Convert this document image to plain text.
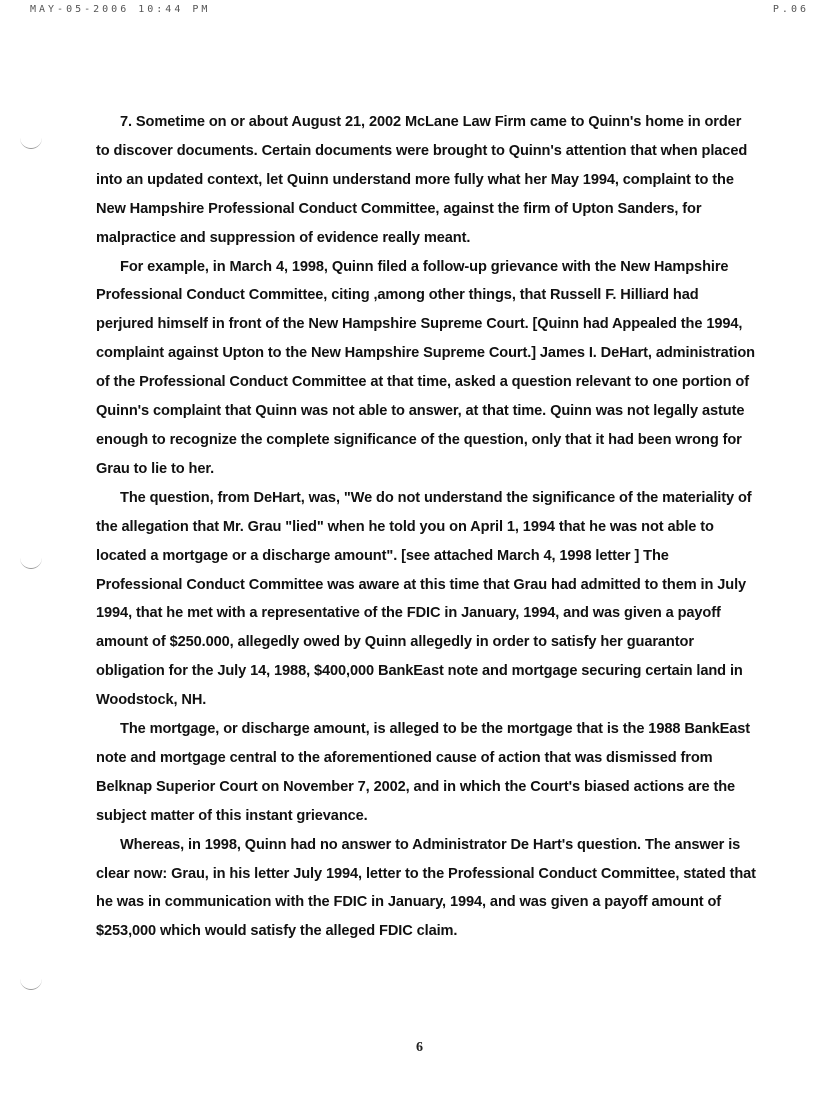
MAY-05-2006 10:44 PM	P.06

7. Sometime on or about August 21, 2002 McLane Law Firm came to Quinn's home in order to discover documents. Certain documents were brought to Quinn's attention that when placed into an updated context, let Quinn understand more fully what her May 1994, complaint to the New Hampshire Professional Conduct Committee, against the firm of Upton Sanders, for malpractice and suppression of evidence really meant.

For example, in March 4, 1998, Quinn filed a follow-up grievance with the New Hampshire Professional Conduct Committee, citing ,among other things, that Russell F. Hilliard had perjured himself in front of the New Hampshire Supreme Court. [Quinn had Appealed the 1994, complaint against Upton to the New Hampshire Supreme Court.] James I. DeHart, administration of the Professional Conduct Committee at that time, asked a question relevant to one portion of Quinn's complaint that Quinn was not able to answer, at that time. Quinn was not legally astute enough to recognize the complete significance of the question, only that it had been wrong for Grau to lie to her.

The question, from DeHart, was, "We do not understand the significance of the materiality of the allegation that Mr. Grau "lied" when he told you on April 1, 1994 that he was not able to located a mortgage or a discharge amount". [see attached March 4, 1998 letter ] The Professional Conduct Committee was aware at this time that Grau had admitted to them in July 1994, that he met with a representative of the FDIC in January, 1994, and was given a payoff amount of $250.000, allegedly owed by Quinn allegedly in order to satisfy her guarantor obligation for the July 14, 1988, $400,000 BankEast note and mortgage securing certain land in Woodstock, NH.

The mortgage, or discharge amount, is alleged to be the mortgage that is the 1988 BankEast note and mortgage central to the aforementioned cause of action that was dismissed from Belknap Superior Court on November 7, 2002, and in which the Court's biased actions are the subject matter of this instant grievance.

Whereas, in 1998, Quinn had no answer to Administrator De Hart's question. The answer is clear now: Grau, in his letter July 1994, letter to the Professional Conduct Committee, stated that he was in communication with the FDIC in January, 1994, and was given a payoff amount of $253,000 which would satisfy the alleged FDIC claim.

6
